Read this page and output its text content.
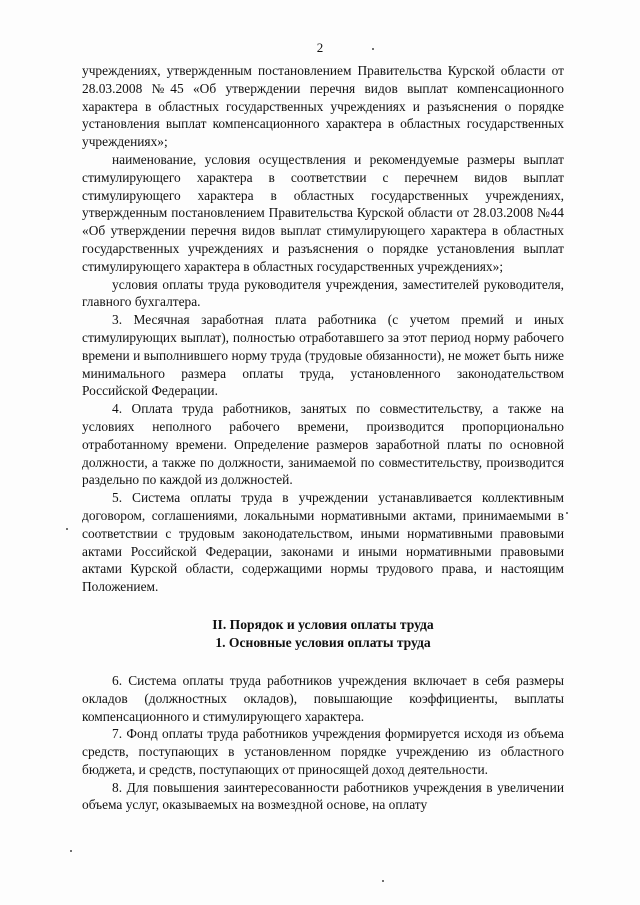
2

учреждениях, утвержденным постановлением Правительства Курской области от 28.03.2008 №45 «Об утверждении перечня видов выплат компенсационного характера в областных государственных учреждениях и разъяснения о порядке установления выплат компенсационного характера в областных государственных учреждениях»;

наименование, условия осуществления и рекомендуемые размеры выплат стимулирующего характера в соответствии с перечнем видов выплат стимулирующего характера в областных государственных учреждениях, утвержденным постановлением Правительства Курской области от 28.03.2008 №44 «Об утверждении перечня видов выплат стимулирующего характера в областных государственных учреждениях и разъяснения о порядке установления выплат стимулирующего характера в областных государственных учреждениях»;

условия оплаты труда руководителя учреждения, заместителей руководителя, главного бухгалтера.

3. Месячная заработная плата работника (с учетом премий и иных стимулирующих выплат), полностью отработавшего за этот период норму рабочего времени и выполнившего норму труда (трудовые обязанности), не может быть ниже минимального размера оплаты труда, установленного законодательством Российской Федерации.

4. Оплата труда работников, занятых по совместительству, а также на условиях неполного рабочего времени, производится пропорционально отработанному времени. Определение размеров заработной платы по основной должности, а также по должности, занимаемой по совместительству, производится раздельно по каждой из должностей.

5. Система оплаты труда в учреждении устанавливается коллективным договором, соглашениями, локальными нормативными актами, принимаемыми в соответствии с трудовым законодательством, иными нормативными правовыми актами Российской Федерации, законами и иными нормативными правовыми актами Курской области, содержащими нормы трудового права, и настоящим Положением.

II. Порядок и условия оплаты труда
1. Основные условия оплаты труда

6. Система оплаты труда работников учреждения включает в себя размеры окладов (должностных окладов), повышающие коэффициенты, выплаты компенсационного и стимулирующего характера.

7. Фонд оплаты труда работников учреждения формируется исходя из объема средств, поступающих в установленном порядке учреждению из областного бюджета, и средств, поступающих от приносящей доход деятельности.

8. Для повышения заинтересованности работников учреждения в увеличении объема услуг, оказываемых на возмездной основе, на оплату
